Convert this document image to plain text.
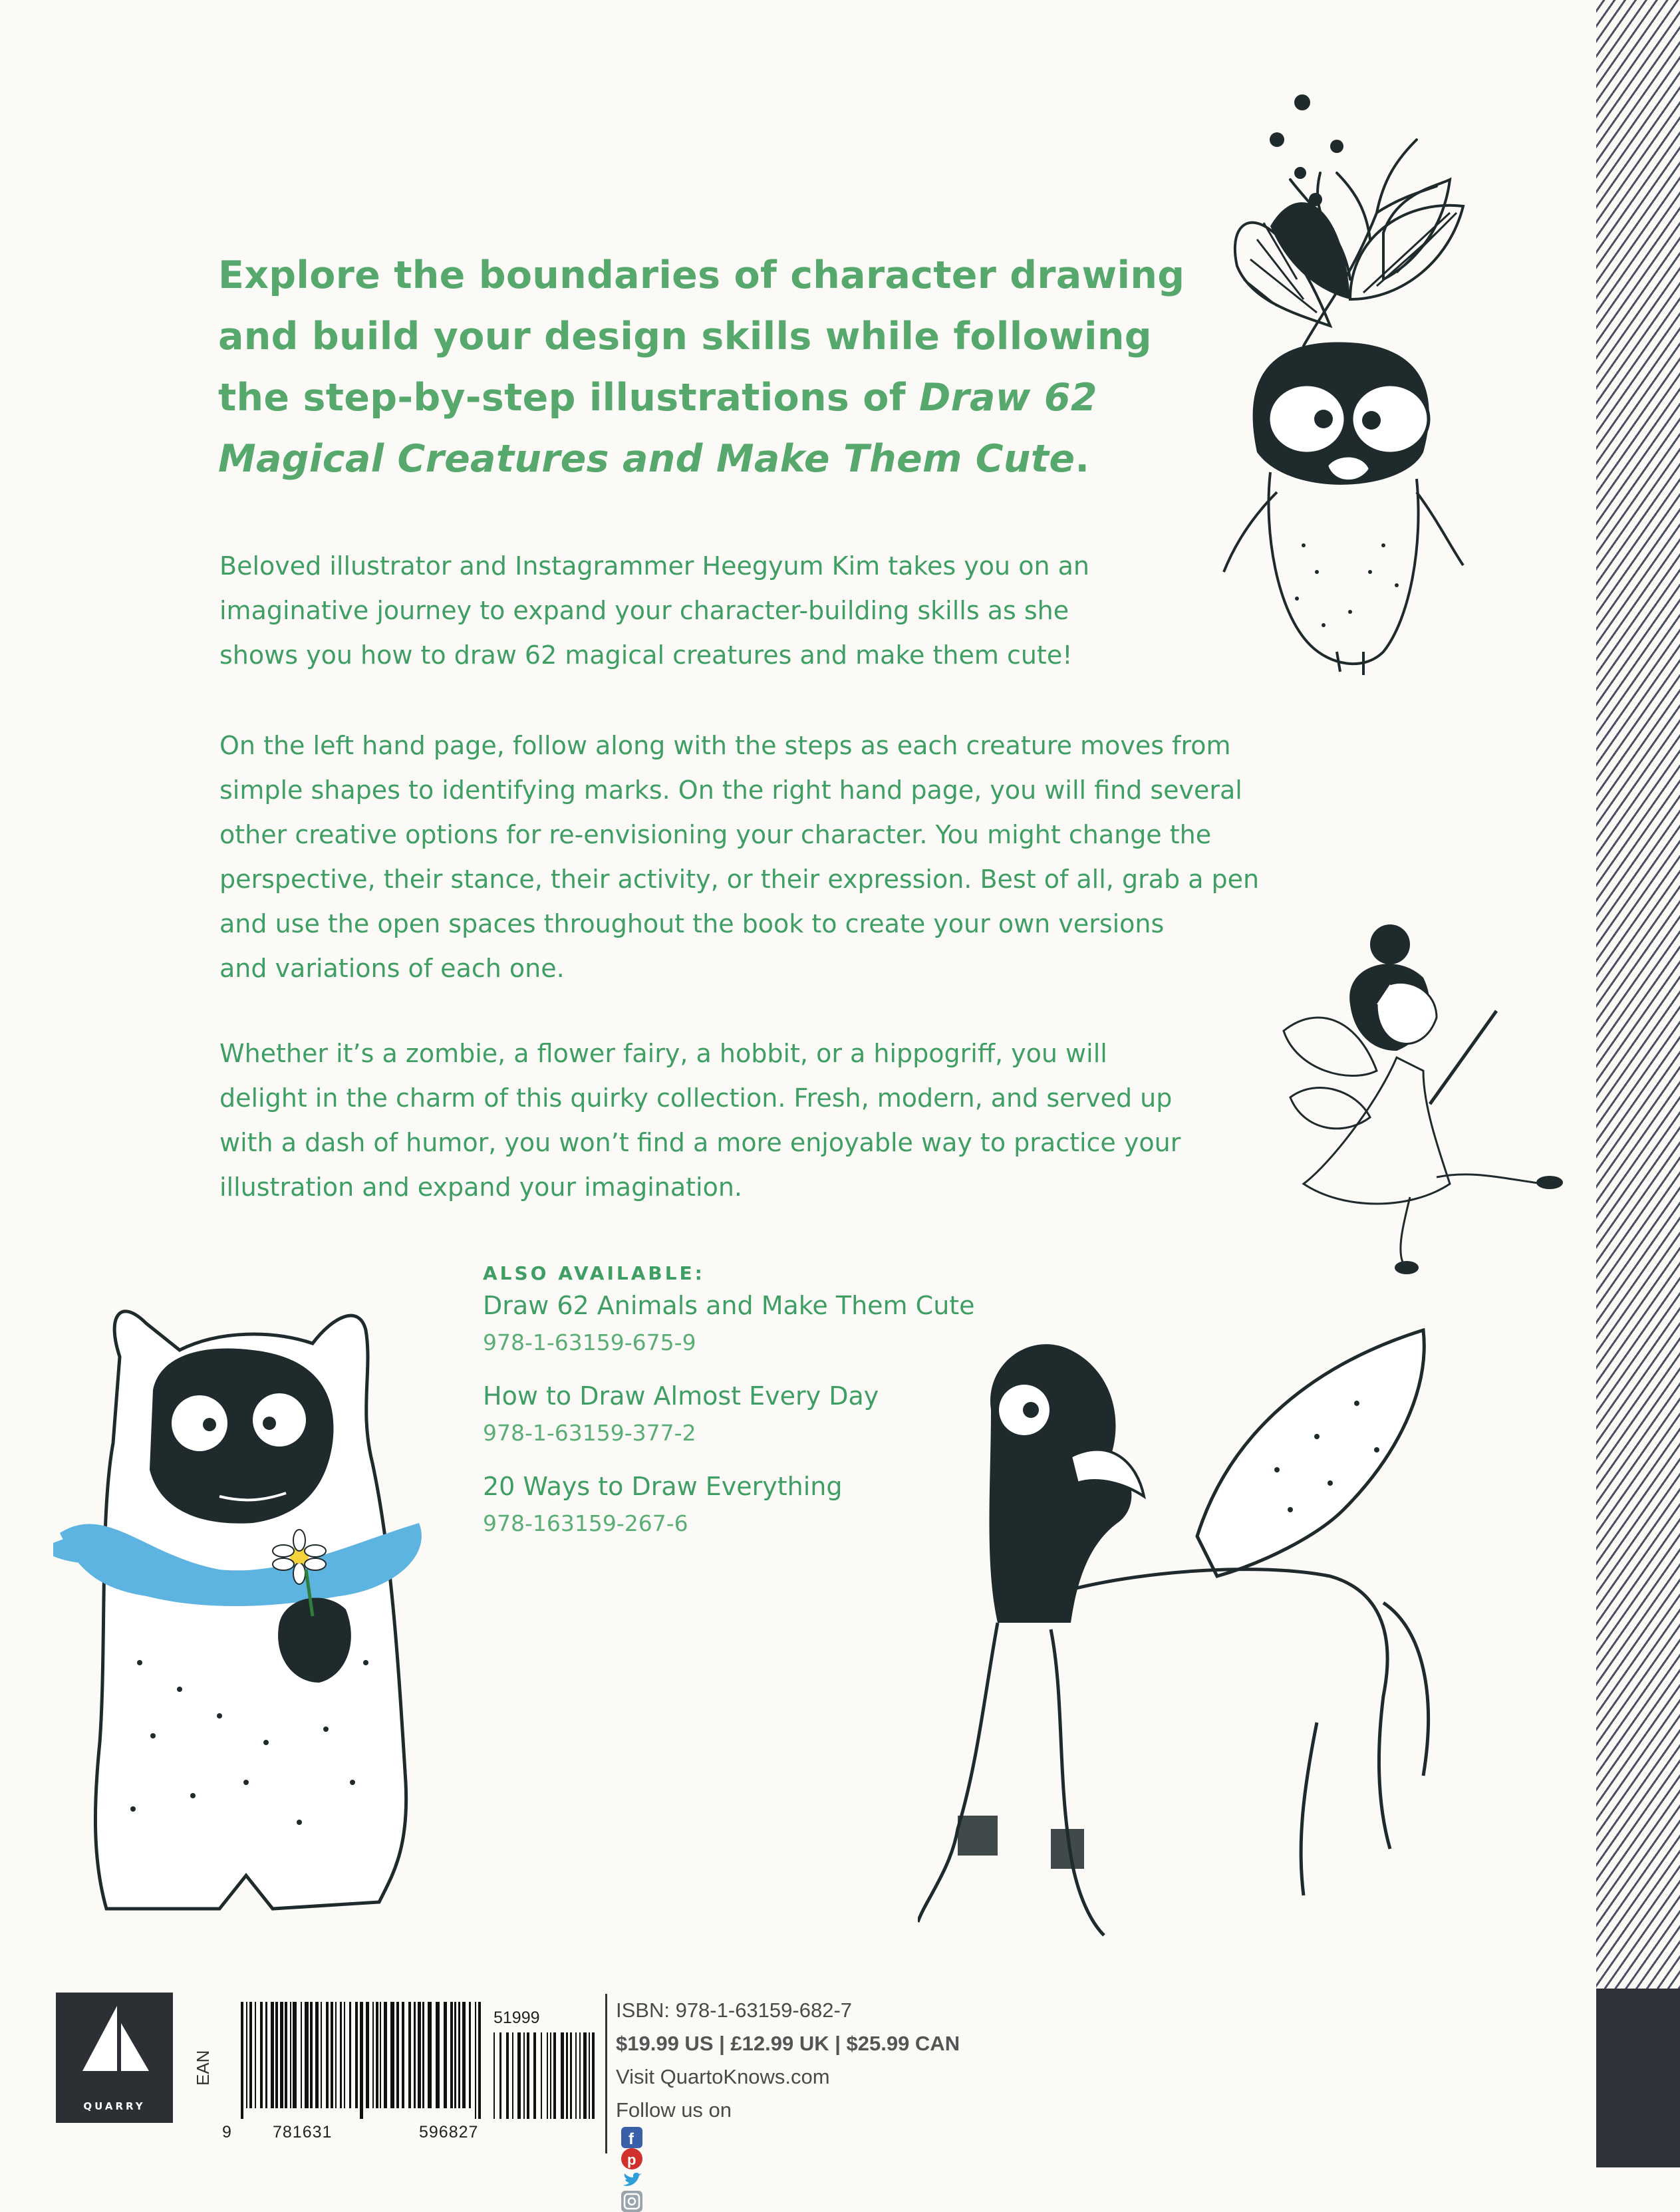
Explore the boundaries of character drawing
and build your design skills while following
the step-by-step illustrations of Draw 62
Magical Creatures and Make Them Cute.
Beloved illustrator and Instagrammer Heegyum Kim takes you on an
imaginative journey to expand your character-building skills as she
shows you how to draw 62 magical creatures and make them cute!
On the left hand page, follow along with the steps as each creature moves from
simple shapes to identifying marks. On the right hand page, you will find several
other creative options for re-envisioning your character. You might change the
perspective, their stance, their activity, or their expression. Best of all, grab a pen
and use the open spaces throughout the book to create your own versions
and variations of each one.
Whether it’s a zombie, a flower fairy, a hobbit, or a hippogriff, you will
delight in the charm of this quirky collection. Fresh, modern, and served up
with a dash of humor, you won’t find a more enjoyable way to practice your
illustration and expand your imagination.
ALSO AVAILABLE:
Draw 62 Animals and Make Them Cute
978-1-63159-675-9
How to Draw Almost Every Day
978-1-63159-377-2
20 Ways to Draw Everything
978-163159-267-6
QUARRY
EAN
51999
9 781631	596827
ISBN: 978-1-63159-682-7
$19.99 US | £12.99 UK | $25.99 CAN
Visit QuartoKnows.com
Follow us on
f
p
